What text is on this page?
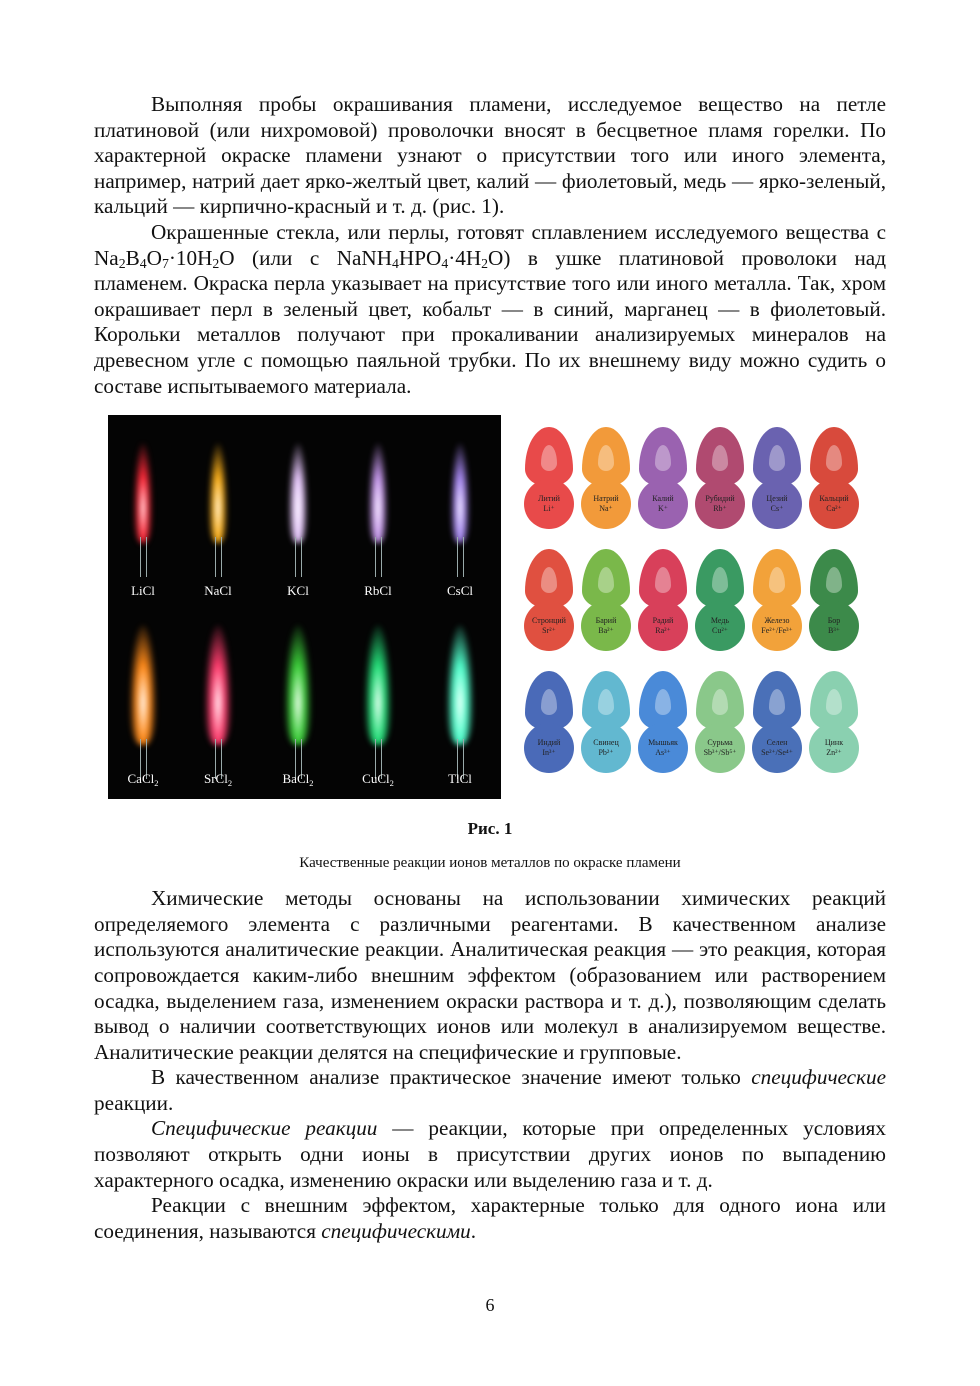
Выполняя пробы окрашивания пламени, исследуемое вещество на петле платиновой (или нихромовой) проволочки вносят в бесцветное пламя горелки. По характерной окраске пламени узнают о присутствии того или иного элемента, например, натрий дает ярко-желтый цвет, калий — фиолетовый, медь — ярко-зеленый, кальций — кирпично-красный и т. д. (рис. 1).

Окрашенные стекла, или перлы, готовят сплавлением исследуемого вещества с $Na_2B_4O_7\cdot 10H_2O$ (или с $NaNH_4HPO_4\cdot 4H_2O$) в ушке платиновой проволоки над пламенем. Окраска перла указывает на присутствие того или иного металла. Так, хром окрашивает перл в зеленый цвет, кобальт — в синий, марганец — в фиолетовый. Корольки металлов получают при прокаливании анализируемых минералов на древесном угле с помощью паяльной трубки. По их внешнему виду можно судить о составе испытываемого материала.

LiCl	NaCl	KCl	RbCl	CsCl
CaCl$_2$	SrCl$_2$	BaCl$_2$	CuCl$_2$	TlCl
Литий
Li⁺
Натрий
Na⁺
Калий
K⁺
Рубидий
Rb⁺
Цезий
Cs⁺
Кальций
Ca²⁺
Стронций
Sr²⁺
Барий
Ba²⁺
Радий
Ra²⁺
Медь
Cu²⁺
Железо
Fe²⁺/Fe³⁺
Бор
B³⁺
Индий
In³⁺
Свинец
Pb²⁺
Мышьяк
As³⁺
Сурьма
Sb³⁺/Sb⁵⁺
Селен
Se²⁺/Se⁴⁺
Цинк
Zn²⁺
Рис. 1
Качественные реакции ионов металлов по окраске пламени

Химические методы основаны на использовании химических реакций определяемого элемента с различными реагентами. В качественном анализе используются аналитические реакции. Аналитическая реакция — это реакция, которая сопровождается каким-либо внешним эффектом (образованием или растворением осадка, выделением газа, изменением окраски раствора и т. д.), позволяющим сделать вывод о наличии соответствующих ионов или молекул в анализируемом веществе. Аналитические реакции делятся на специфические и групповые.

В качественном анализе практическое значение имеют только специфические реакции.

Специфические реакции — реакции, которые при определенных условиях позволяют открыть одни ионы в присутствии других ионов по выпадению характерного осадка, изменению окраски или выделению газа и т. д.

Реакции с внешним эффектом, характерные только для одного иона или соединения, называются специфическими.

6
